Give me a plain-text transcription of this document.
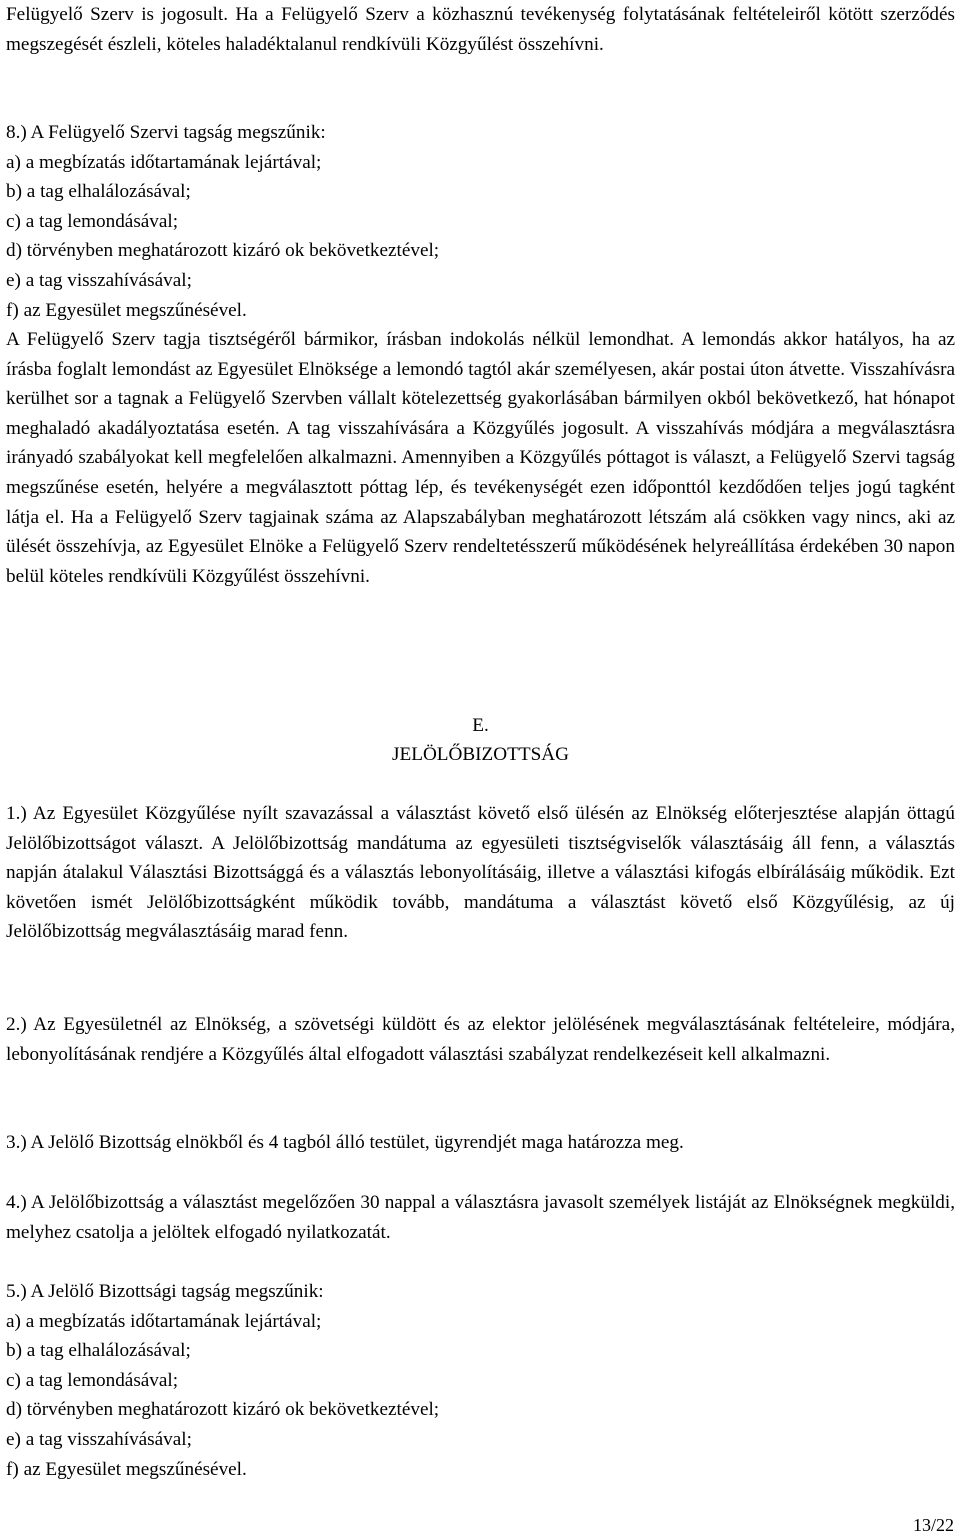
Felügyelő Szerv is jogosult. Ha a Felügyelő Szerv a közhasznú tevékenység folytatásának feltételeiről kötött szerződés megszegését észleli, köteles haladéktalanul rendkívüli Közgyűlést összehívni.

8.) A Felügyelő Szervi tagság megszűnik:
a) a megbízatás időtartamának lejártával;
b) a tag elhalálozásával;
c) a tag lemondásával;
d) törvényben meghatározott kizáró ok bekövetkeztével;
e) a tag visszahívásával;
f) az Egyesület megszűnésével.

A Felügyelő Szerv tagja tisztségéről bármikor, írásban indokolás nélkül lemondhat. A lemondás akkor hatályos, ha az írásba foglalt lemondást az Egyesület Elnöksége a lemondó tagtól akár személyesen, akár postai úton átvette. Visszahívásra kerülhet sor a tagnak a Felügyelő Szervben vállalt kötelezettség gyakorlásában bármilyen okból bekövetkező, hat hónapot meghaladó akadályoztatása esetén. A tag visszahívására a Közgyűlés jogosult. A visszahívás módjára a megválasztásra irányadó szabályokat kell megfelelően alkalmazni. Amennyiben a Közgyűlés póttagot is választ, a Felügyelő Szervi tagság megszűnése esetén, helyére a megválasztott póttag lép, és tevékenységét ezen időponttól kezdődően teljes jogú tagként látja el. Ha a Felügyelő Szerv tagjainak száma az Alapszabályban meghatározott létszám alá csökken vagy nincs, aki az ülését összehívja, az Egyesület Elnöke a Felügyelő Szerv rendeltetésszerű működésének helyreállítása érdekében 30 napon belül köteles rendkívüli Közgyűlést összehívni.

E.

JELÖLŐBIZOTTSÁG

1.) Az Egyesület Közgyűlése nyílt szavazással a választást követő első ülésén az Elnökség előterjesztése alapján öttagú Jelölőbizottságot választ. A Jelölőbizottság mandátuma az egyesületi tisztségviselők választásáig áll fenn, a választás napján átalakul Választási Bizottsággá és a választás lebonyolításáig, illetve a választási kifogás elbírálásáig működik. Ezt követően ismét Jelölőbizottságként működik tovább, mandátuma a választást követő első Közgyűlésig, az új Jelölőbizottság megválasztásáig marad fenn.

2.) Az Egyesületnél az Elnökség, a szövetségi küldött és az elektor jelölésének megválasztásának feltételeire, módjára, lebonyolításának rendjére a Közgyűlés által elfogadott választási szabályzat rendelkezéseit kell alkalmazni.

3.) A Jelölő Bizottság elnökből és 4 tagból álló testület, ügyrendjét maga határozza meg.

4.) A Jelölőbizottság a választást megelőzően 30 nappal a választásra javasolt személyek listáját az Elnökségnek megküldi, melyhez csatolja a jelöltek elfogadó nyilatkozatát.

5.) A Jelölő Bizottsági tagság megszűnik:
a) a megbízatás időtartamának lejártával;
b) a tag elhalálozásával;
c) a tag lemondásával;
d) törvényben meghatározott kizáró ok bekövetkeztével;
e) a tag visszahívásával;
f) az Egyesület megszűnésével.
13/22
